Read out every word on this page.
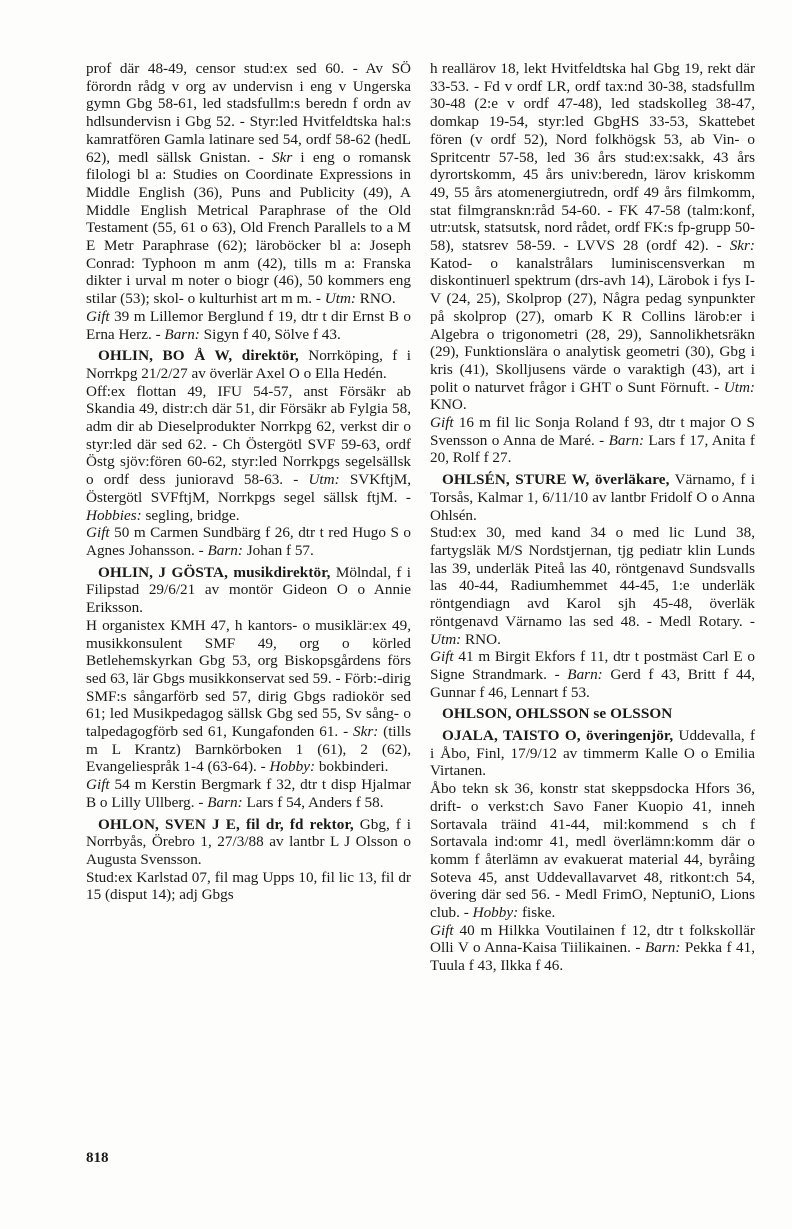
prof där 48-49, censor stud:ex sed 60. - Av SÖ förordn rådg v org av undervisn i eng v Ungerska gymn Gbg 58-61, led stadsfullm:s beredn f ordn av hdlsundervisn i Gbg 52. - Styr:led Hvitfeldtska hal:s kamratfören Gamla latinare sed 54, ordf 58-62 (hedL 62), medl sällsk Gnistan. - Skr i eng o romansk filologi bl a: Studies on Coordinate Expressions in Middle English (36), Puns and Publicity (49), A Middle English Metrical Paraphrase of the Old Testament (55, 61 o 63), Old French Parallels to a M E Metr Paraphrase (62); läroböcker bl a: Joseph Conrad: Typhoon m anm (42), tills m a: Franska dikter i urval m noter o biogr (46), 50 kommers eng stilar (53); skol- o kulturhist art m m. - Utm: RNO.

Gift 39 m Lillemor Berglund f 19, dtr t dir Ernst B o Erna Herz. - Barn: Sigyn f 40, Sölve f 43.

OHLIN, BO Å W, direktör, Norrköping, f i Norrkpg 21/2/27 av överlär Axel O o Ella Hedén.

Off:ex flottan 49, IFU 54-57, anst Försäkr ab Skandia 49, distr:ch där 51, dir Försäkr ab Fylgia 58, adm dir ab Dieselprodukter Norrkpg 62, verkst dir o styr:led där sed 62. - Ch Östergötl SVF 59-63, ordf Östg sjöv:fören 60-62, styr:led Norrkpgs segelsällsk o ordf dess junioravd 58-63. - Utm: SVKftjM, Östergötl SVFftjM, Norrkpgs segel sällsk ftjM. - Hobbies: segling, bridge.

Gift 50 m Carmen Sundbärg f 26, dtr t red Hugo S o Agnes Johansson. - Barn: Johan f 57.

OHLIN, J GÖSTA, musikdirektör, Mölndal, f i Filipstad 29/6/21 av montör Gideon O o Annie Eriksson.

H organistex KMH 47, h kantors- o musiklär:ex 49, musikkonsulent SMF 49, org o körled Betlehemskyrkan Gbg 53, org Biskopsgårdens förs sed 63, lär Gbgs musikkonservat sed 59. - Förb:-dirig SMF:s sångarförb sed 57, dirig Gbgs radiokör sed 61; led Musikpedagog sällsk Gbg sed 55, Sv sång- o talpedagogförb sed 61, Kungafonden 61. - Skr: (tills m L Krantz) Barnkörboken 1 (61), 2 (62), Evangeliespråk 1-4 (63-64). - Hobby: bokbinderi.

Gift 54 m Kerstin Bergmark f 32, dtr t disp Hjalmar B o Lilly Ullberg. - Barn: Lars f 54, Anders f 58.

OHLON, SVEN J E, fil dr, fd rektor, Gbg, f i Norrbyås, Örebro 1, 27/3/88 av lantbr L J Olsson o Augusta Svensson.

Stud:ex Karlstad 07, fil mag Upps 10, fil lic 13, fil dr 15 (disput 14); adj Gbgs

h reallärov 18, lekt Hvitfeldtska hal Gbg 19, rekt där 33-53. - Fd v ordf LR, ordf tax:nd 30-38, stadsfullm 30-48 (2:e v ordf 47-48), led stadskolleg 38-47, domkap 19-54, styr:led GbgHS 33-53, Skattebet fören (v ordf 52), Nord folkhögsk 53, ab Vin- o Spritcentr 57-58, led 36 års stud:ex:sakk, 43 års dyrortskomm, 45 års univ:beredn, lärov kriskomm 49, 55 års atomenergiutredn, ordf 49 års filmkomm, stat filmgranskn:råd 54-60. - FK 47-58 (talm:konf, utr:utsk, statsutsk, nord rådet, ordf FK:s fp-grupp 50-58), statsrev 58-59. - LVVS 28 (ordf 42). - Skr: Katod- o kanalstrålars luminiscensverkan m diskontinuerl spektrum (drs-avh 14), Lärobok i fys I-V (24, 25), Skolprop (27), Några pedag synpunkter på skolprop (27), omarb K R Collins lärob:er i Algebra o trigonometri (28, 29), Sannolikhetsräkn (29), Funktionslära o analytisk geometri (30), Gbg i kris (41), Skolljusens värde o varaktigh (43), art i polit o naturvet frågor i GHT o Sunt Förnuft. - Utm: KNO.

Gift 16 m fil lic Sonja Roland f 93, dtr t major O S Svensson o Anna de Maré. - Barn: Lars f 17, Anita f 20, Rolf f 27.

OHLSÉN, STURE W, överläkare, Värnamo, f i Torsås, Kalmar 1, 6/11/10 av lantbr Fridolf O o Anna Ohlsén.

Stud:ex 30, med kand 34 o med lic Lund 38, fartygsläk M/S Nordstjernan, tjg pediatr klin Lunds las 39, underläk Piteå las 40, röntgenavd Sundsvalls las 40-44, Radiumhemmet 44-45, 1:e underläk röntgendiagn avd Karol sjh 45-48, överläk röntgenavd Värnamo las sed 48. - Medl Rotary. - Utm: RNO.

Gift 41 m Birgit Ekfors f 11, dtr t postmäst Carl E o Signe Strandmark. - Barn: Gerd f 43, Britt f 44, Gunnar f 46, Lennart f 53.

OHLSON, OHLSSON se OLSSON

OJALA, TAISTO O, överingenjör, Uddevalla, f i Åbo, Finl, 17/9/12 av timmerm Kalle O o Emilia Virtanen.

Åbo tekn sk 36, konstr stat skeppsdocka Hfors 36, drift- o verkst:ch Savo Faner Kuopio 41, inneh Sortavala träind 41-44, mil:kommend s ch f Sortavala ind:omr 41, medl överlämn:komm där o komm f återlämn av evakuerat material 44, byråing Soteva 45, anst Uddevallavarvet 48, ritkont:ch 54, övering där sed 56. - Medl FrimO, NeptuniO, Lions club. - Hobby: fiske.

Gift 40 m Hilkka Voutilainen f 12, dtr t folkskollär Olli V o Anna-Kaisa Tiilikainen. - Barn: Pekka f 41, Tuula f 43, Ilkka f 46.

818
